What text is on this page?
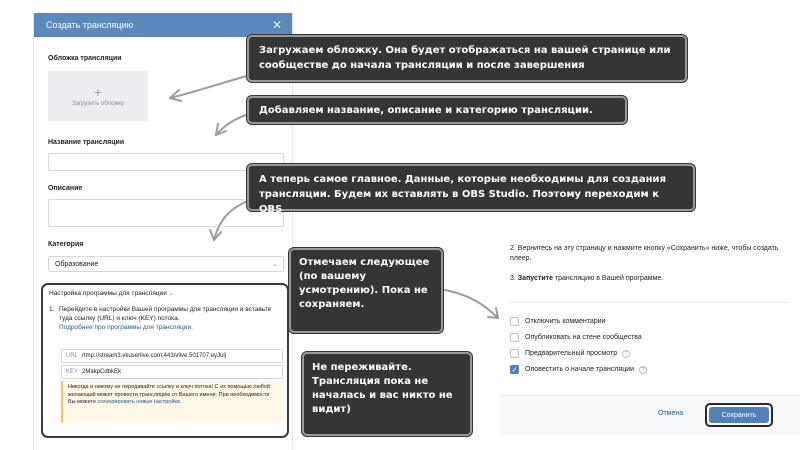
Создать трансляцию	✕
Обложка трансляции
+
Загрузить обложку
Название трансляции
Описание
Категория
Образование	⌄
Настройка программы для трансляции ⌄
1. Перейдите в настройки Вашей программы для трансляции и вставьте туда ссылку (URL) и ключ (KEY) потока.
Подробнее про программы для трансляции.
URL rtmp://stream3.vkuserlive.com:443/vlive.501707.eyJulj
KEY 2MakpCdbkEk
Никогда и никому не передавайте ссылку и ключ потока! С их помощью любой желающий может провести трансляцию от Вашего имени. При необходимости Вы можете сгенерировать новые настройки.
2. Вернитесь на эту страницу и нажмите кнопку «Сохранить» ниже, чтобы создать плеер.
3. Запустите трансляцию в Вашей программе.
Отключить комментарии
Опубликовать на стене сообщества
Предварительный просмотр	?
✓ Оповестить о начале трансляции	?
Отмена	Сохранить
Загружаем обложку. Она будет отображаться на вашей странице или сообществе до начала трансляции и после завершения
Добавляем название, описание и категорию трансляции.
А теперь самое главное. Данные, которые необходимы для создания трансляции. Будем их вставлять в OBS Studio. Поэтому переходим к OBS
Отмечаем следующее (по вашему усмотрению). Пока не сохраняем.
Не переживайте. Трансляция пока не началась и вас никто не видит)
